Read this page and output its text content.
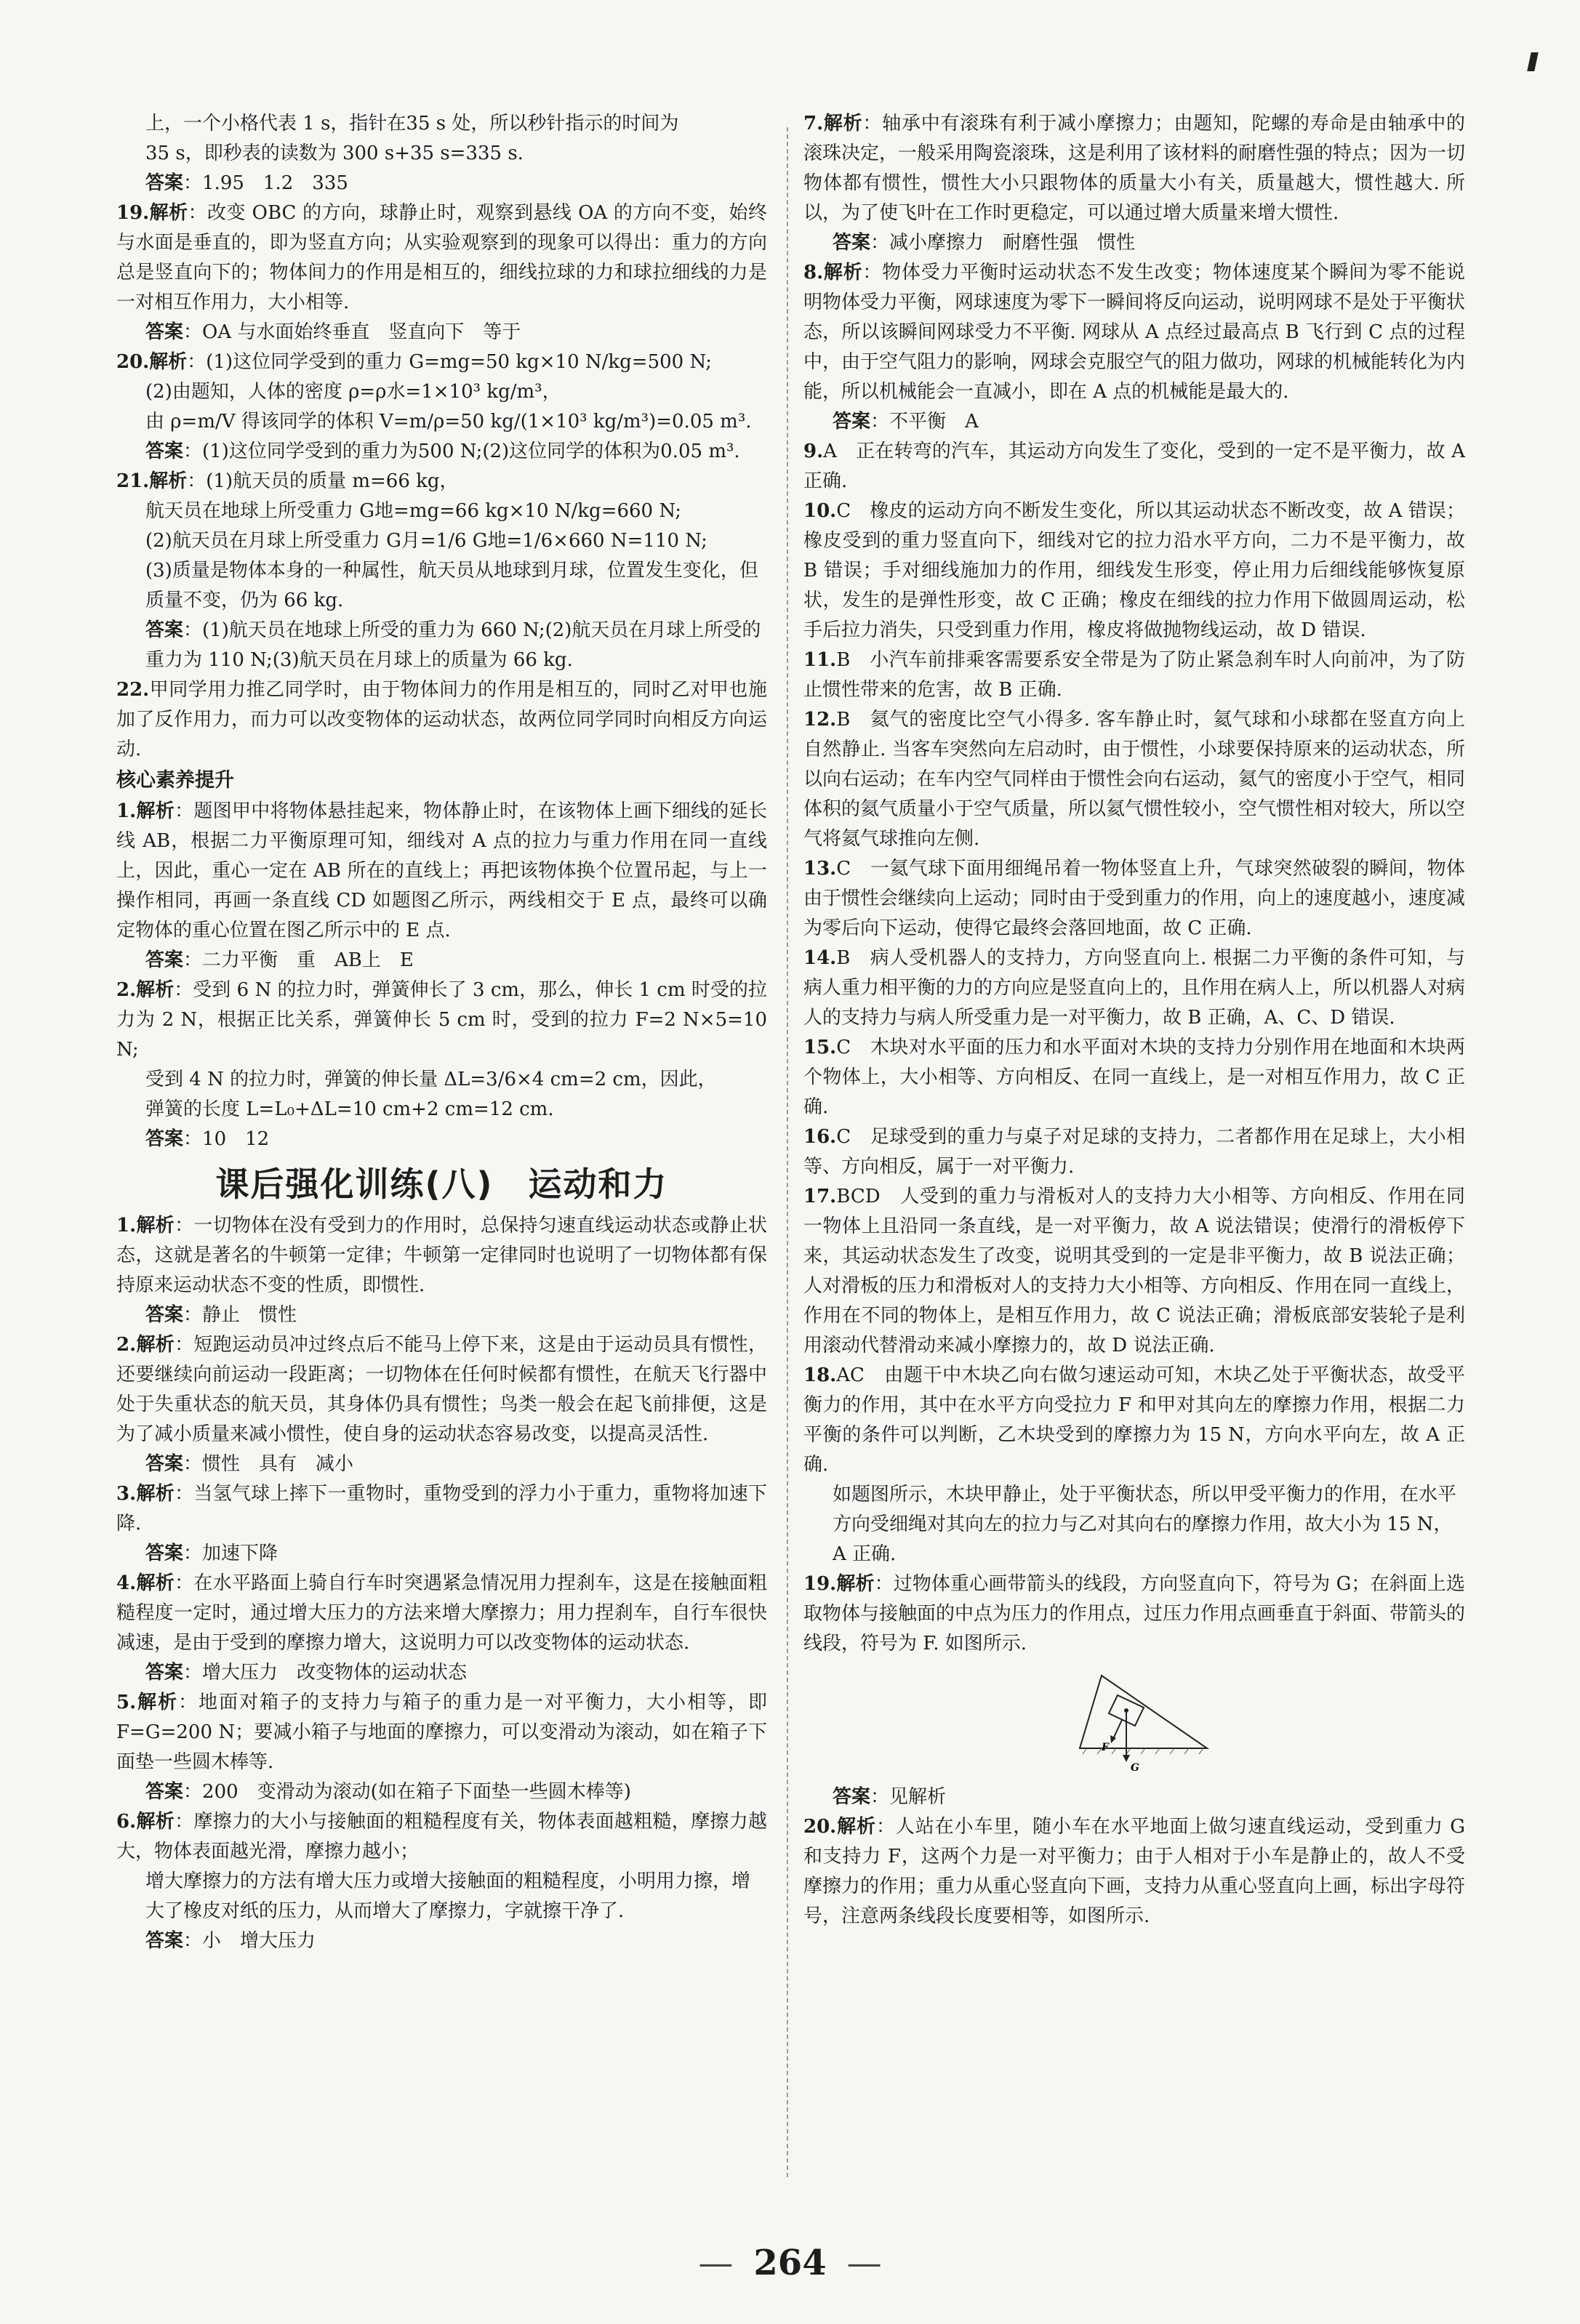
上，一个小格代表 1 s，指针在35 s 处，所以秒针指示的时间为

35 s，即秒表的读数为 300 s+35 s=335 s.

答案：1.95　1.2　335

19.解析：改变 OBC 的方向，球静止时，观察到悬线 OA 的方向不变，始终与水面是垂直的，即为竖直方向；从实验观察到的现象可以得出：重力的方向总是竖直向下的；物体间力的作用是相互的，细线拉球的力和球拉细线的力是一对相互作用力，大小相等.

答案：OA 与水面始终垂直　竖直向下　等于

20.解析：(1)这位同学受到的重力 G=mg=50 kg×10 N/kg=500 N;

(2)由题知，人体的密度 ρ=ρ水=1×10³ kg/m³，

由 ρ=m/V 得该同学的体积 V=m/ρ=50 kg/(1×10³ kg/m³)=0.05 m³.

答案：(1)这位同学受到的重力为500 N;(2)这位同学的体积为0.05 m³.

21.解析：(1)航天员的质量 m=66 kg，

航天员在地球上所受重力 G地=mg=66 kg×10 N/kg=660 N;

(2)航天员在月球上所受重力 G月=1/6 G地=1/6×660 N=110 N;

(3)质量是物体本身的一种属性，航天员从地球到月球，位置发生变化，但质量不变，仍为 66 kg.

答案：(1)航天员在地球上所受的重力为 660 N;(2)航天员在月球上所受的重力为 110 N;(3)航天员在月球上的质量为 66 kg.

22.甲同学用力推乙同学时，由于物体间力的作用是相互的，同时乙对甲也施加了反作用力，而力可以改变物体的运动状态，故两位同学同时向相反方向运动.

核心素养提升

1.解析：题图甲中将物体悬挂起来，物体静止时，在该物体上画下细线的延长线 AB，根据二力平衡原理可知，细线对 A 点的拉力与重力作用在同一直线上，因此，重心一定在 AB 所在的直线上；再把该物体换个位置吊起，与上一操作相同，再画一条直线 CD 如题图乙所示，两线相交于 E 点，最终可以确定物体的重心位置在图乙所示中的 E 点.

答案：二力平衡　重　AB上　E

2.解析：受到 6 N 的拉力时，弹簧伸长了 3 cm，那么，伸长 1 cm 时受的拉力为 2 N，根据正比关系，弹簧伸长 5 cm 时，受到的拉力 F=2 N×5=10 N;

受到 4 N 的拉力时，弹簧的伸长量 ΔL=3/6×4 cm=2 cm，因此，

弹簧的长度 L=L₀+ΔL=10 cm+2 cm=12 cm.

答案：10　12

课后强化训练(八)　运动和力

1.解析：一切物体在没有受到力的作用时，总保持匀速直线运动状态或静止状态，这就是著名的牛顿第一定律；牛顿第一定律同时也说明了一切物体都有保持原来运动状态不变的性质，即惯性.

答案：静止　惯性

2.解析：短跑运动员冲过终点后不能马上停下来，这是由于运动员具有惯性，还要继续向前运动一段距离；一切物体在任何时候都有惯性，在航天飞行器中处于失重状态的航天员，其身体仍具有惯性；鸟类一般会在起飞前排便，这是为了减小质量来减小惯性，使自身的运动状态容易改变，以提高灵活性.

答案：惯性　具有　减小

3.解析：当氢气球上摔下一重物时，重物受到的浮力小于重力，重物将加速下降.

答案：加速下降

4.解析：在水平路面上骑自行车时突遇紧急情况用力捏刹车，这是在接触面粗糙程度一定时，通过增大压力的方法来增大摩擦力；用力捏刹车，自行车很快减速，是由于受到的摩擦力增大，这说明力可以改变物体的运动状态.

答案：增大压力　改变物体的运动状态

5.解析：地面对箱子的支持力与箱子的重力是一对平衡力，大小相等，即 F=G=200 N；要减小箱子与地面的摩擦力，可以变滑动为滚动，如在箱子下面垫一些圆木棒等.

答案：200　变滑动为滚动(如在箱子下面垫一些圆木棒等)

6.解析：摩擦力的大小与接触面的粗糙程度有关，物体表面越粗糙，摩擦力越大，物体表面越光滑，摩擦力越小；

增大摩擦力的方法有增大压力或增大接触面的粗糙程度，小明用力擦，增大了橡皮对纸的压力，从而增大了摩擦力，字就擦干净了.

答案：小　增大压力

7.解析：轴承中有滚珠有利于减小摩擦力；由题知，陀螺的寿命是由轴承中的滚珠决定，一般采用陶瓷滚珠，这是利用了该材料的耐磨性强的特点；因为一切物体都有惯性，惯性大小只跟物体的质量大小有关，质量越大，惯性越大. 所以，为了使飞叶在工作时更稳定，可以通过增大质量来增大惯性.

答案：减小摩擦力　耐磨性强　惯性

8.解析：物体受力平衡时运动状态不发生改变；物体速度某个瞬间为零不能说明物体受力平衡，网球速度为零下一瞬间将反向运动，说明网球不是处于平衡状态，所以该瞬间网球受力不平衡. 网球从 A 点经过最高点 B 飞行到 C 点的过程中，由于空气阻力的影响，网球会克服空气的阻力做功，网球的机械能转化为内能，所以机械能会一直减小，即在 A 点的机械能是最大的.

答案：不平衡　A

9.A　 正在转弯的汽车，其运动方向发生了变化，受到的一定不是平衡力，故 A 正确.

10.C　 橡皮的运动方向不断发生变化，所以其运动状态不断改变，故 A 错误；橡皮受到的重力竖直向下，细线对它的拉力沿水平方向，二力不是平衡力，故 B 错误；手对细线施加力的作用，细线发生形变，停止用力后细线能够恢复原状，发生的是弹性形变，故 C 正确；橡皮在细线的拉力作用下做圆周运动，松手后拉力消失，只受到重力作用，橡皮将做抛物线运动，故 D 错误.

11.B　 小汽车前排乘客需要系安全带是为了防止紧急刹车时人向前冲，为了防止惯性带来的危害，故 B 正确.

12.B　 氦气的密度比空气小得多. 客车静止时，氦气球和小球都在竖直方向上自然静止. 当客车突然向左启动时，由于惯性，小球要保持原来的运动状态，所以向右运动；在车内空气同样由于惯性会向右运动，氦气的密度小于空气，相同体积的氦气质量小于空气质量，所以氦气惯性较小，空气惯性相对较大，所以空气将氦气球推向左侧.

13.C　 一氦气球下面用细绳吊着一物体竖直上升，气球突然破裂的瞬间，物体由于惯性会继续向上运动；同时由于受到重力的作用，向上的速度越小，速度减为零后向下运动，使得它最终会落回地面，故 C 正确.

14.B　 病人受机器人的支持力，方向竖直向上. 根据二力平衡的条件可知，与病人重力相平衡的力的方向应是竖直向上的，且作用在病人上，所以机器人对病人的支持力与病人所受重力是一对平衡力，故 B 正确，A、C、D 错误.

15.C　 木块对水平面的压力和水平面对木块的支持力分别作用在地面和木块两个物体上，大小相等、方向相反、在同一直线上，是一对相互作用力，故 C 正确.

16.C　 足球受到的重力与桌子对足球的支持力，二者都作用在足球上，大小相等、方向相反，属于一对平衡力.

17.BCD　 人受到的重力与滑板对人的支持力大小相等、方向相反、作用在同一物体上且沿同一条直线，是一对平衡力，故 A 说法错误；使滑行的滑板停下来，其运动状态发生了改变，说明其受到的一定是非平衡力，故 B 说法正确；人对滑板的压力和滑板对人的支持力大小相等、方向相反、作用在同一直线上，作用在不同的物体上，是相互作用力，故 C 说法正确；滑板底部安装轮子是利用滚动代替滑动来减小摩擦力的，故 D 说法正确.

18.AC　 由题干中木块乙向右做匀速运动可知，木块乙处于平衡状态，故受平衡力的作用，其中在水平方向受拉力 F 和甲对其向左的摩擦力作用，根据二力平衡的条件可以判断，乙木块受到的摩擦力为 15 N，方向水平向左，故 A 正确.

如题图所示，木块甲静止，处于平衡状态，所以甲受平衡力的作用，在水平方向受细绳对其向左的拉力与乙对其向右的摩擦力作用，故大小为 15 N，A 正确.

19.解析：过物体重心画带箭头的线段，方向竖直向下，符号为 G；在斜面上选取物体与接触面的中点为压力的作用点，过压力作用点画垂直于斜面、带箭头的线段，符号为 F. 如图所示.

F
G

答案：见解析

20.解析：人站在小车里，随小车在水平地面上做匀速直线运动，受到重力 G 和支持力 F，这两个力是一对平衡力；由于人相对于小车是静止的，故人不受摩擦力的作用；重力从重心竖直向下画，支持力从重心竖直向上画，标出字母符号，注意两条线段长度要相等，如图所示.

— 264 —
